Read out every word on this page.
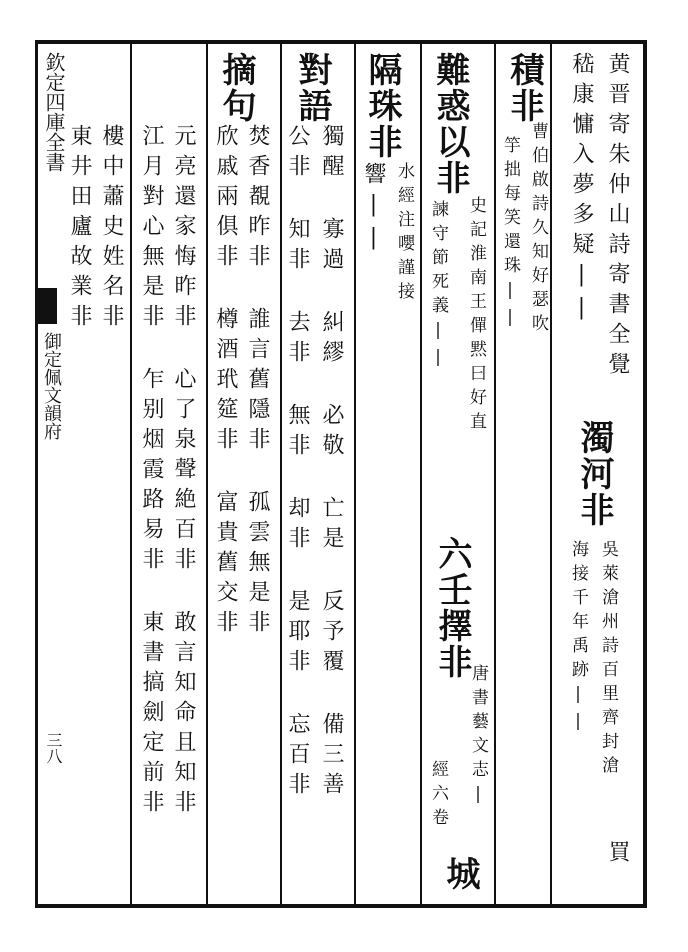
欽定四庫全書
御定佩文韻府
三八
黄晋寄朱仲山詩寄書全覺
濁河非
吳萊滄州詩百里齊封滄
買
嵇康慵入夢多疑||
海接千年禹跡||
積非
曹伯啟詩久知好瑟吹
竽拙每笑還珠||
難惑以非
史記淮南王僤黙曰好直
諫守節死義||
六壬擇非
唐書藝文志|
經六卷
城
隔珠非
水經注嚶謹接
響||
對語
獨醒 寡過 糾繆 必敬 亡是 反予覆 備三善
公非 知非 去非 無非 却非 是耶非 忘百非
摘句
焚香覩昨非 誰言舊隱非 孤雲無是非
欣戚兩俱非 樽酒玳筵非 富貴舊交非
元亮還家悔昨非 心了泉聲絶百非 敢言知命且知非
江月對心無是非 乍别烟霞路易非 東書搞劍定前非
樓中蕭史姓名非
東井田廬故業非
